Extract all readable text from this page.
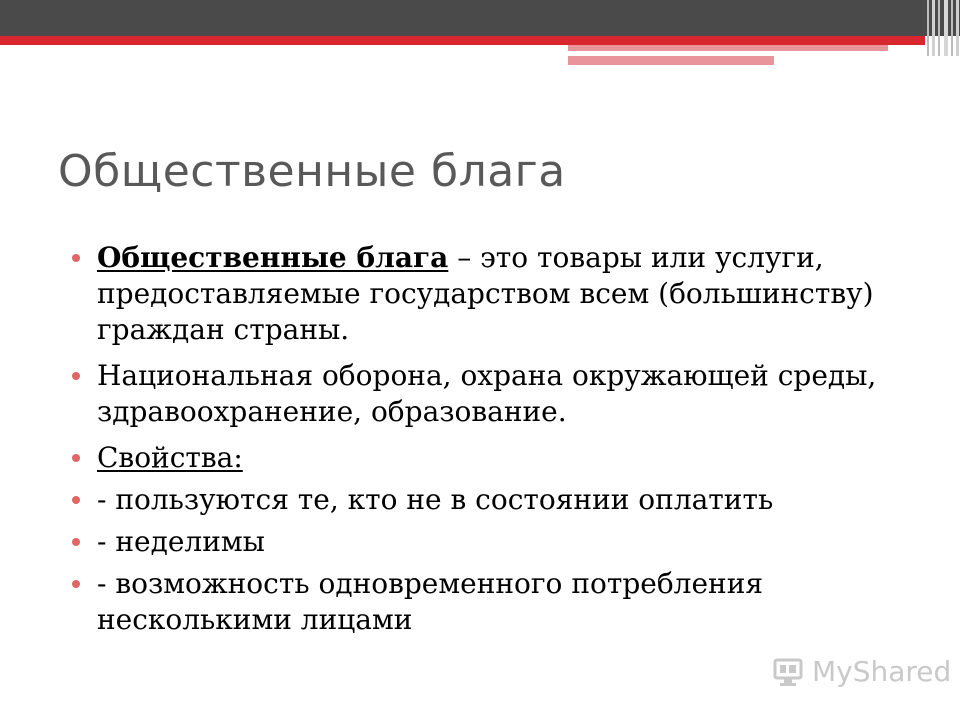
Общественные блага
Общественные блага – это товары или услуги, предоставляемые государством всем (большинству) граждан страны.
Национальная оборона, охрана окружающей среды, здравоохранение, образование.
Свойства:
- пользуются те, кто не в состоянии оплатить
- неделимы
- возможность одновременного потребления несколькими лицами
MyShared
